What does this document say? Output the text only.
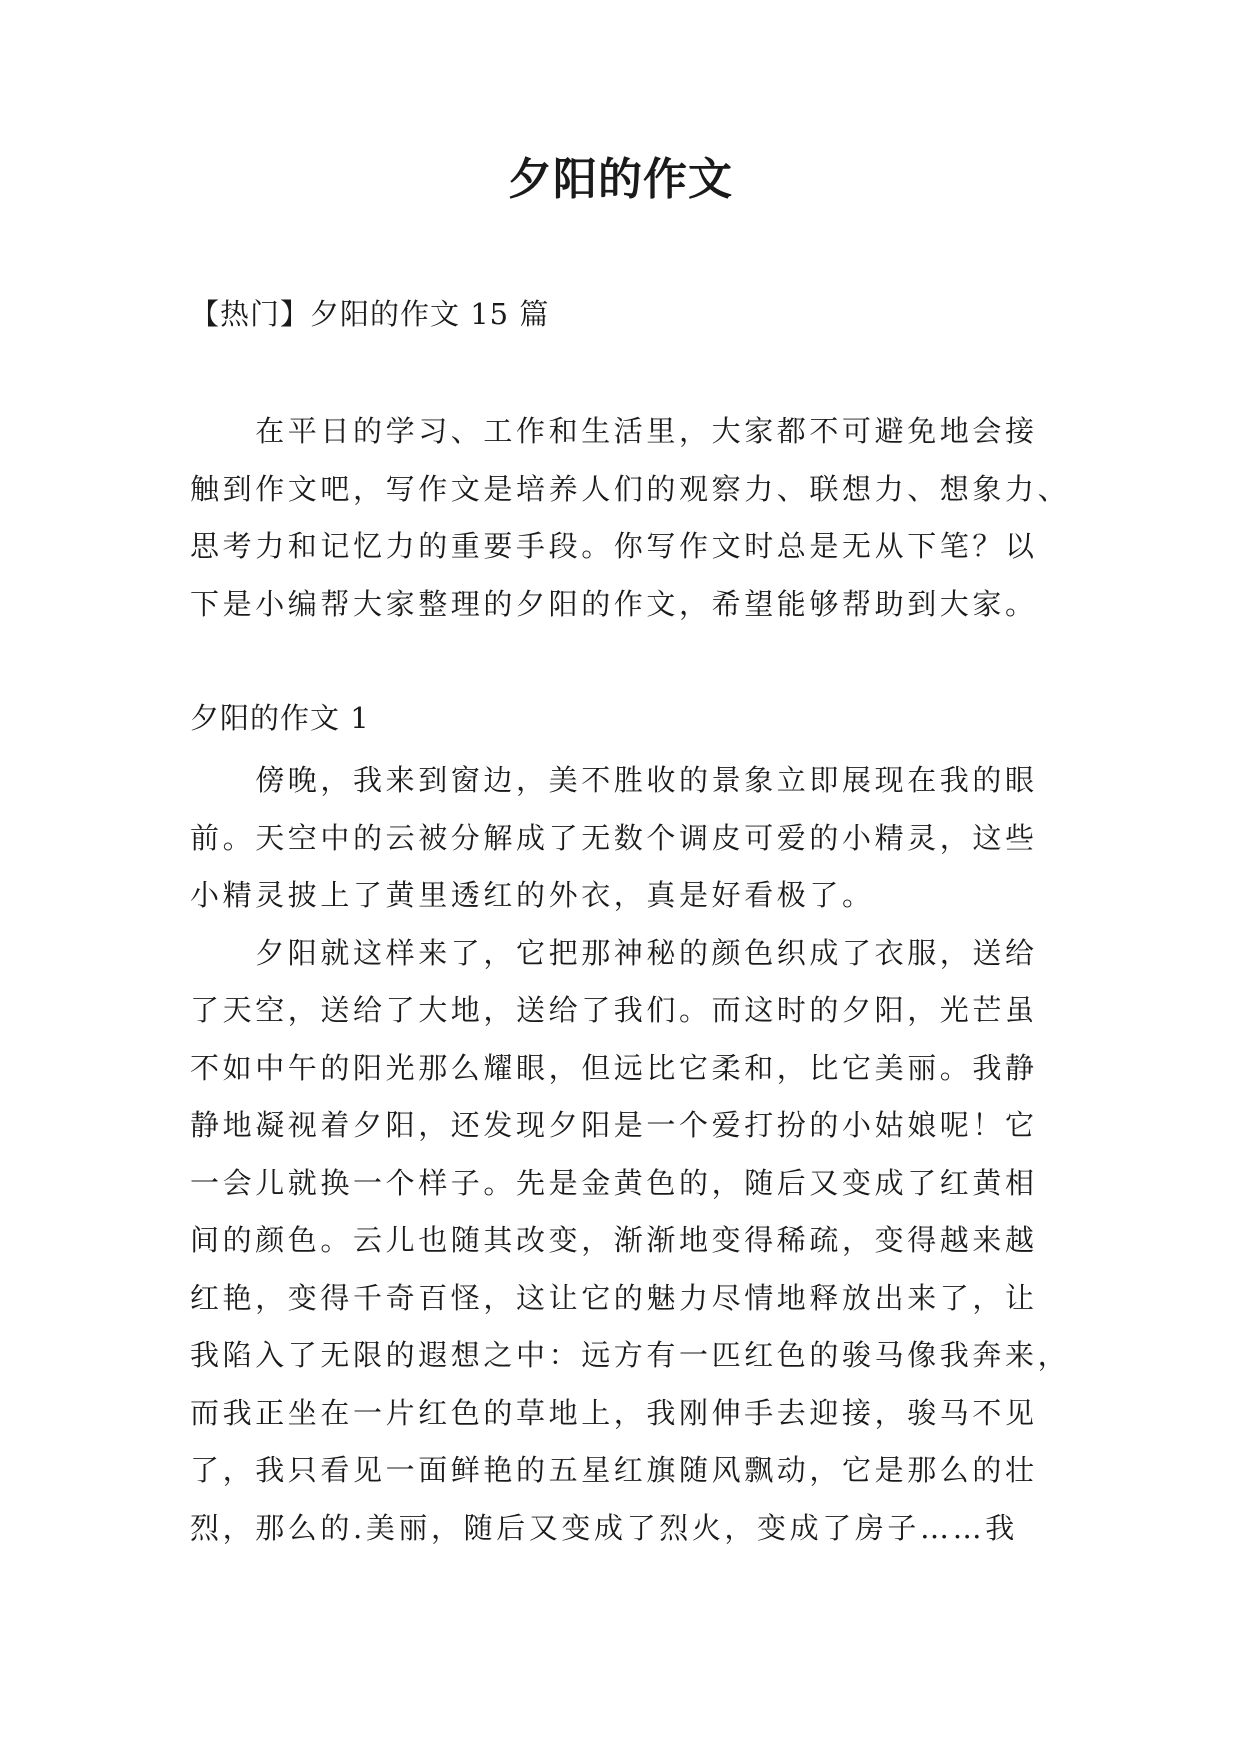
夕阳的作文

【热门】夕阳的作文 15 篇

　　在平日的学习、工作和生活里，大家都不可避免地会接
触到作文吧，写作文是培养人们的观察力、联想力、想象力、
思考力和记忆力的重要手段。你写作文时总是无从下笔？以
下是小编帮大家整理的夕阳的作文，希望能够帮助到大家。

夕阳的作文 1

　　傍晚，我来到窗边，美不胜收的景象立即展现在我的眼
前。天空中的云被分解成了无数个调皮可爱的小精灵，这些
小精灵披上了黄里透红的外衣，真是好看极了。
　　夕阳就这样来了，它把那神秘的颜色织成了衣服，送给
了天空，送给了大地，送给了我们。而这时的夕阳，光芒虽
不如中午的阳光那么耀眼，但远比它柔和，比它美丽。我静
静地凝视着夕阳，还发现夕阳是一个爱打扮的小姑娘呢！它
一会儿就换一个样子。先是金黄色的，随后又变成了红黄相
间的颜色。云儿也随其改变，渐渐地变得稀疏，变得越来越
红艳，变得千奇百怪，这让它的魅力尽情地释放出来了，让
我陷入了无限的遐想之中：远方有一匹红色的骏马像我奔来，
而我正坐在一片红色的草地上，我刚伸手去迎接，骏马不见
了，我只看见一面鲜艳的五星红旗随风飘动，它是那么的壮
烈，那么的.美丽，随后又变成了烈火，变成了房子……我
